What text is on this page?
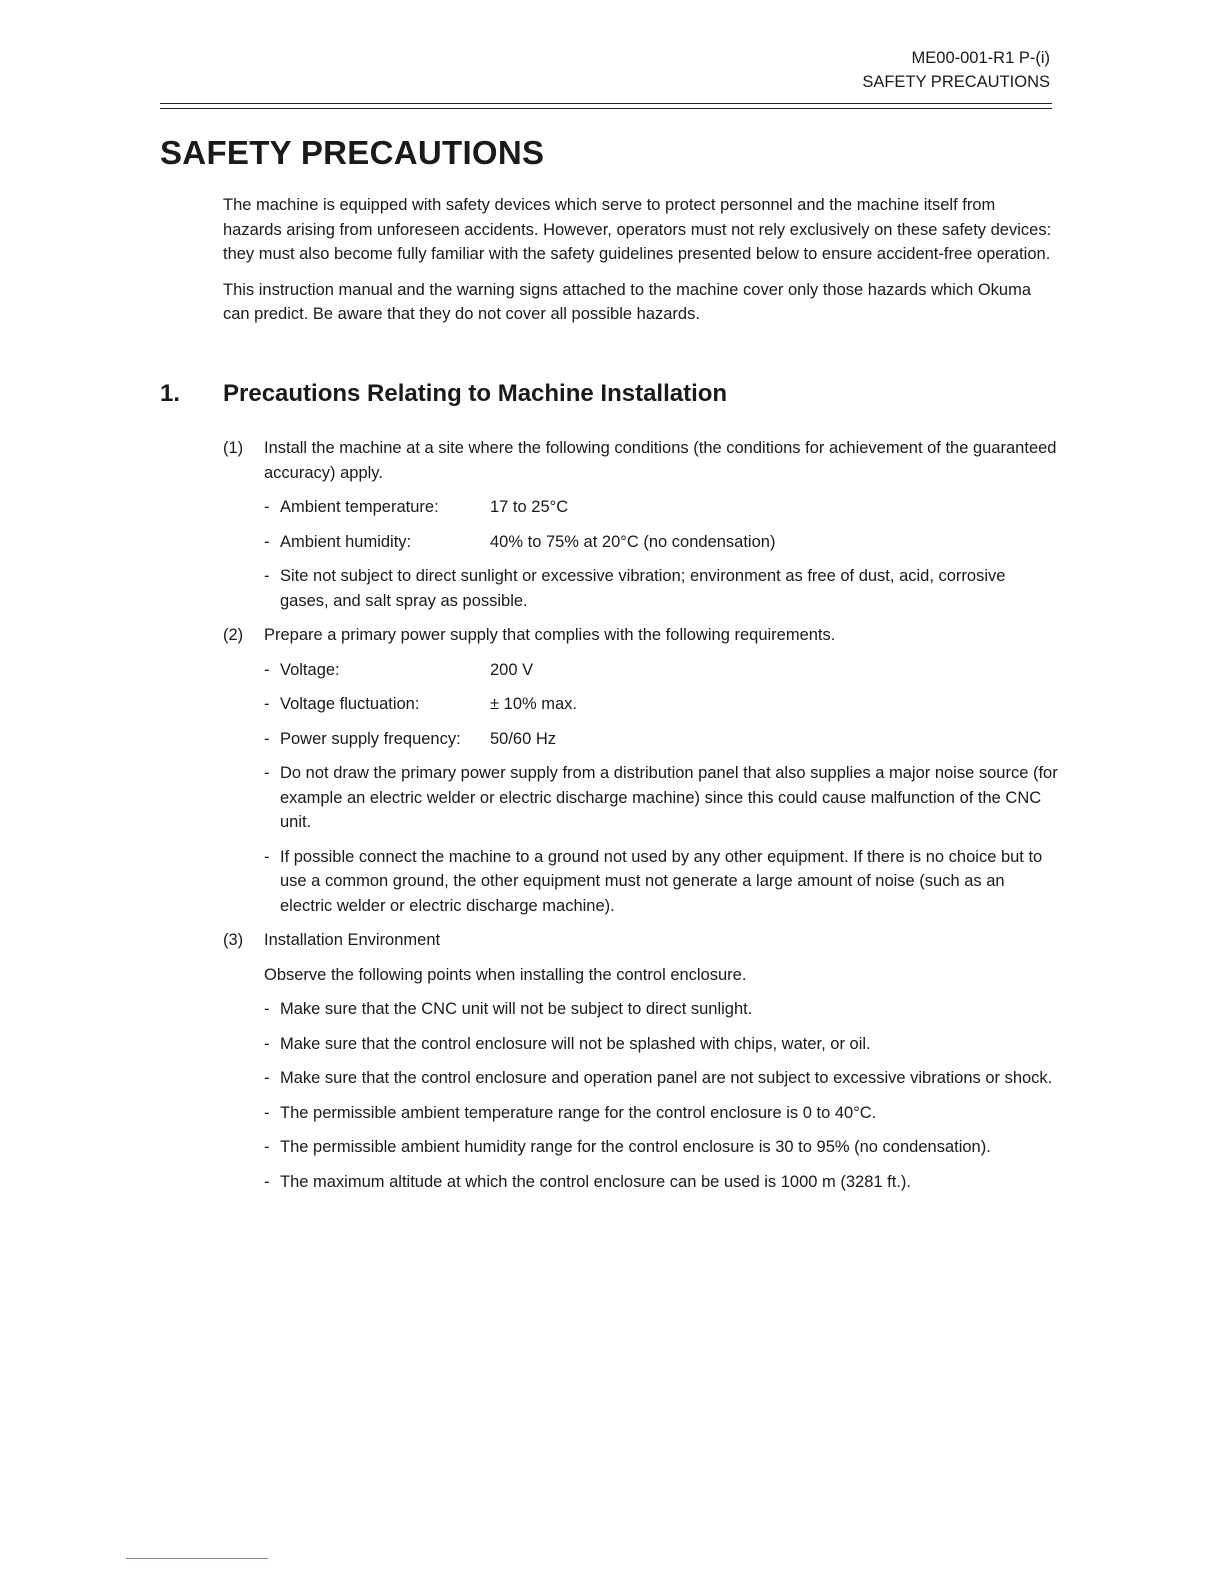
ME00-001-R1 P-(i)
SAFETY PRECAUTIONS
SAFETY PRECAUTIONS

The machine is equipped with safety devices which serve to protect personnel and the machine itself from hazards arising from unforeseen accidents. However, operators must not rely exclusively on these safety devices: they must also become fully familiar with the safety guidelines presented below to ensure accident-free operation.

This instruction manual and the warning signs attached to the machine cover only those hazards which Okuma can predict. Be aware that they do not cover all possible hazards.

1. Precautions Relating to Machine Installation
(1) Install the machine at a site where the following conditions (the conditions for achievement of the guaranteed accuracy) apply.

- Ambient temperature:	17 to 25°C
- Ambient humidity:	40% to 75% at 20°C (no condensation)
- Site not subject to direct sunlight or excessive vibration; environment as free of dust, acid, corrosive gases, and salt spray as possible.
(2) Prepare a primary power supply that complies with the following requirements.

- Voltage:	200 V
- Voltage fluctuation:	± 10% max.
- Power supply frequency: 50/60 Hz
- Do not draw the primary power supply from a distribution panel that also supplies a major noise source (for example an electric welder or electric discharge machine) since this could cause malfunction of the CNC unit.
- If possible connect the machine to a ground not used by any other equipment. If there is no choice but to use a common ground, the other equipment must not generate a large amount of noise (such as an electric welder or electric discharge machine).
(3) Installation Environment

Observe the following points when installing the control enclosure.

- Make sure that the CNC unit will not be subject to direct sunlight.
- Make sure that the control enclosure will not be splashed with chips, water, or oil.
- Make sure that the control enclosure and operation panel are not subject to excessive vibrations or shock.
- The permissible ambient temperature range for the control enclosure is 0 to 40°C.
- The permissible ambient humidity range for the control enclosure is 30 to 95% (no condensation).
- The maximum altitude at which the control enclosure can be used is 1000 m (3281 ft.).
